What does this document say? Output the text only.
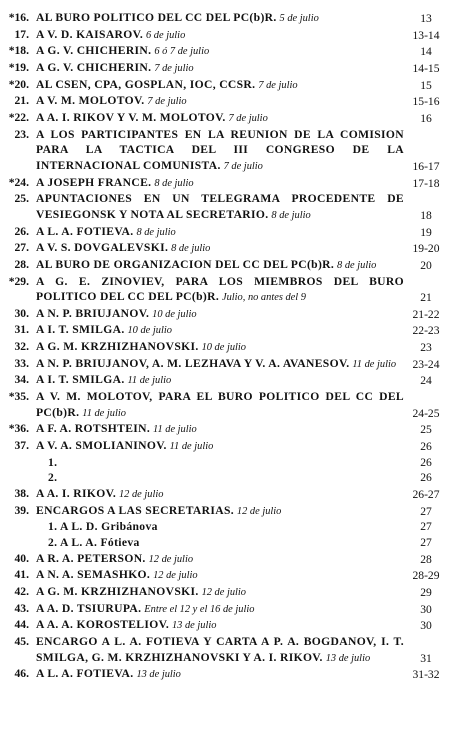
*16. AL BURO POLITICO DEL CC DEL PC(b)R. 5 de julio	13
17. A V. D. KAISAROV. 6 de julio	13-14
*18. A G. V. CHICHERIN. 6 ó 7 de julio	14
*19. A G. V. CHICHERIN. 7 de julio	14-15
*20. AL CSEN, CPA, GOSPLAN, IOC, CCSR. 7 de julio	15
21. A V. M. MOLOTOV. 7 de julio	15-16
*22. A A. I. RIKOV Y V. M. MOLOTOV. 7 de julio	16
23. A LOS PARTICIPANTES EN LA REUNION DE LA COMISION PARA LA TACTICA DEL III CONGRESO DE LA INTERNACIONAL COMUNISTA. 7 de julio	16-17
*24. A JOSEPH FRANCE. 8 de julio	17-18
25. APUNTACIONES EN UN TELEGRAMA PROCEDENTE DE VESIEGONSK Y NOTA AL SECRETARIO. 8 de julio	18
26. A L. A. FOTIEVA. 8 de julio	19
27. A V. S. DOVGALEVSKI. 8 de julio	19-20
28. AL BURO DE ORGANIZACION DEL CC DEL PC(b)R. 8 de julio	20
*29. A G. E. ZINOVIEV, PARA LOS MIEMBROS DEL BURO POLITICO DEL CC DEL PC(b)R. Julio, no antes del 9	21
30. A N. P. BRIUJANOV. 10 de julio	21-22
31. A I. T. SMILGA. 10 de julio	22-23
32. A G. M. KRZHIZHANOVSKI. 10 de julio	23
33. A N. P. BRIUJANOV, A. M. LEZHAVA Y V. A. AVANESOV. 11 de julio	23-24
34. A I. T. SMILGA. 11 de julio	24
*35. A V. M. MOLOTOV, PARA EL BURO POLITICO DEL CC DEL PC(b)R. 11 de julio	24-25
*36. A F. A. ROTSHTEIN. 11 de julio	25
37. A V. A. SMOLIANINOV. 11 de julio	26
1.	26
2.	26
38. A A. I. RIKOV. 12 de julio	26-27
39. ENCARGOS A LAS SECRETARIAS. 12 de julio	27
1. A L. D. Gribánova	27
2. A L. A. Fótieva	27
40. A R. A. PETERSON. 12 de julio	28
41. A N. A. SEMASHKO. 12 de julio	28-29
42. A G. M. KRZHIZHANOVSKI. 12 de julio	29
43. A A. D. TSIURUPA. Entre el 12 y el 16 de julio	30
44. A A. A. KOROSTELIOV. 13 de julio	30
45. ENCARGO A L. A. FOTIEVA Y CARTA A P. A. BOGDANOV, I. T. SMILGA, G. M. KRZHIZHANOVSKI Y A. I. RIKOV. 13 de julio	31
46. A L. A. FOTIEVA. 13 de julio	31-32
